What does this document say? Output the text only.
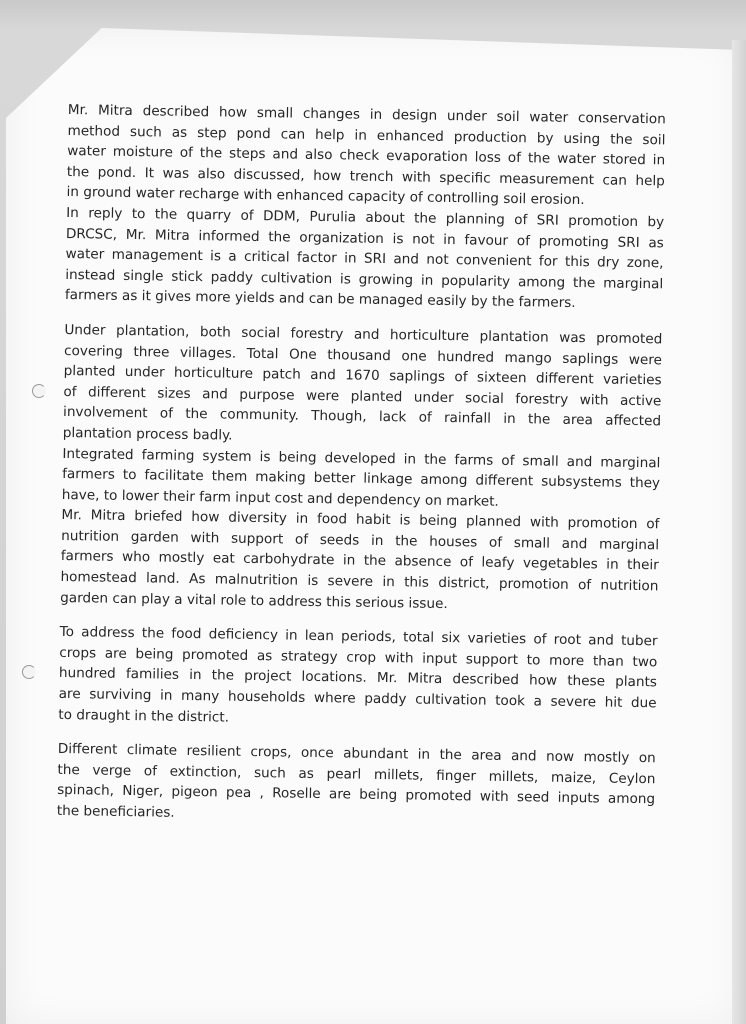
Mr. Mitra described how small changes in design under soil water conservation
method such as step pond can help in enhanced production by using the soil
water moisture of the steps and also check evaporation loss of the water stored in
the pond. It was also discussed, how trench with specific measurement can help
in ground water recharge with enhanced capacity of controlling soil erosion.
In reply to the quarry of DDM, Purulia about the planning of SRI promotion by
DRCSC, Mr. Mitra informed the organization is not in favour of promoting SRI as
water management is a critical factor in SRI and not convenient for this dry zone,
instead single stick paddy cultivation is growing in popularity among the marginal
farmers as it gives more yields and can be managed easily by the farmers.
Under plantation, both social forestry and horticulture plantation was promoted
covering three villages. Total One thousand one hundred mango saplings were
planted under horticulture patch and 1670 saplings of sixteen different varieties
of different sizes and purpose were planted under social forestry with active
involvement of the community. Though, lack of rainfall in the area affected
plantation process badly.
Integrated farming system is being developed in the farms of small and marginal
farmers to facilitate them making better linkage among different subsystems they
have, to lower their farm input cost and dependency on market.
Mr. Mitra briefed how diversity in food habit is being planned with promotion of
nutrition garden with support of seeds in the houses of small and marginal
farmers who mostly eat carbohydrate in the absence of leafy vegetables in their
homestead land. As malnutrition is severe in this district, promotion of nutrition
garden can play a vital role to address this serious issue.
To address the food deficiency in lean periods, total six varieties of root and tuber
crops are being promoted as strategy crop with input support to more than two
hundred families in the project locations. Mr. Mitra described how these plants
are surviving in many households where paddy cultivation took a severe hit due
to draught in the district.
Different climate resilient crops, once abundant in the area and now mostly on
the verge of extinction, such as pearl millets, finger millets, maize, Ceylon
spinach, Niger, pigeon pea , Roselle are being promoted with seed inputs among
the beneficiaries.
